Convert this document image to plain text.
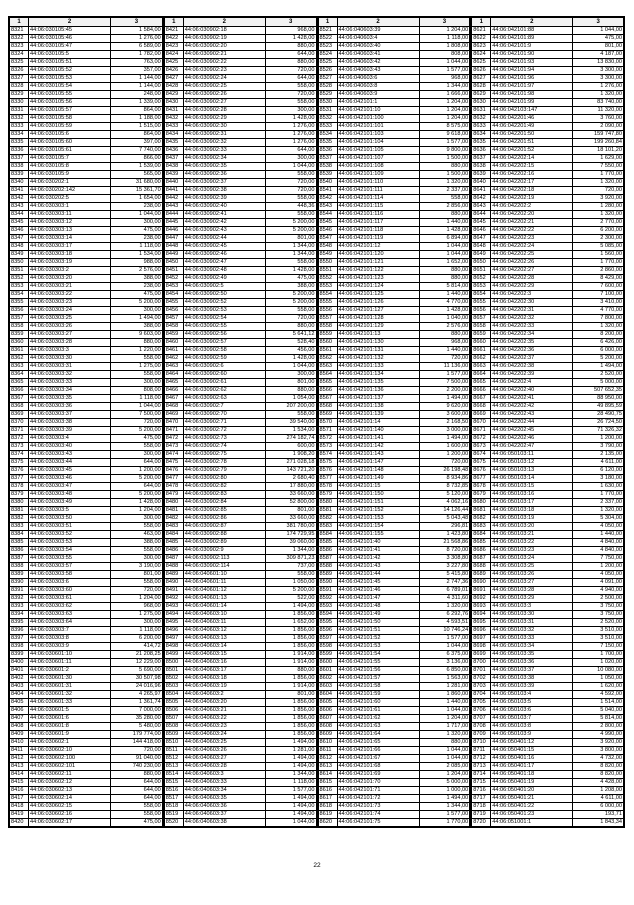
1	2	3
8321	44:06:030105:45	1 584,00
8322	44:06:030105:46	1 276,00
8323	44:06:030105:47	6 589,00
8324	44:06:030105:5	1 782,00
8325	44:06:030105:51	763,00
8326	44:06:030105:52	357,00
8327	44:06:030105:53	1 144,00
8328	44:06:030105:54	1 144,00
8329	44:06:030105:55	248,00
8330	44:06:030105:56	1 339,00
8331	44:06:030105:57	864,00
8332	44:06:030105:58	1 188,00
8333	44:06:030105:59	1 515,00
8334	44:06:030105:6	864,00
8335	44:06:030105:60	397,00
8336	44:06:030105:61	7 740,00
8337	44:06:030105:7	866,00
8338	44:06:030105:8	1 539,00
8339	44:06:030105:9	565,00
8340	44:06:030202:1	31 680,00
8341	44:06:030202:142	15 361,70
8342	44:06:030202:5	1 654,00
8343	44:06:030303:1	238,00
8344	44:06:030303:11	1 044,00
8345	44:06:030303:12	300,00
8346	44:06:030303:13	475,00
8347	44:06:030303:14	238,00
8348	44:06:030303:17	1 118,00
8349	44:06:030303:18	1 534,00
8350	44:06:030303:19	988,00
8351	44:06:030303:2	2 576,00
8352	44:06:030303:20	388,00
8353	44:06:030303:21	238,00
8354	44:06:030303:22	475,00
8355	44:06:030303:23	5 200,00
8356	44:06:030303:24	300,00
8357	44:06:030303:25	1 494,00
8358	44:06:030303:26	388,00
8359	44:06:030303:27	9 603,00
8360	44:06:030303:28	880,00
8361	44:06:030303:3	1 220,00
8362	44:06:030303:30	558,00
8363	44:06:030303:31	1 275,00
8364	44:06:030303:32	558,00
8365	44:06:030303:33	300,00
8366	44:06:030303:34	808,00
8367	44:06:030303:35	1 118,00
8368	44:06:030303:36	1 044,00
8369	44:06:030303:37	7 500,00
8370	44:06:030303:38	720,00
8371	44:06:030303:39	5 200,00
8372	44:06:030303:4	475,00
8373	44:06:030303:40	558,00
8374	44:06:030303:43	300,00
8375	44:06:030303:44	644,00
8376	44:06:030303:45	1 200,00
8377	44:06:030303:46	5 200,00
8378	44:06:030303:47	644,00
8379	44:06:030303:48	5 200,00
8380	44:06:030303:49	1 428,00
8381	44:06:030303:5	1 204,00
8382	44:06:030303:50	300,00
8383	44:06:030303:51	558,00
8384	44:06:030303:52	463,00
8385	44:06:030303:53	388,00
8386	44:06:030303:54	558,00
8387	44:06:030303:55	300,00
8388	44:06:030303:57	3 190,00
8389	44:06:030303:58	801,00
8390	44:06:030303:6	558,00
8391	44:06:030303:60	720,00
8392	44:06:030303:61	1 204,00
8393	44:06:030303:62	968,00
8394	44:06:030303:63	1 275,00
8395	44:06:030303:64	300,00
8396	44:06:030303:7	1 118,00
8397	44:06:030303:8	6 200,00
8398	44:06:030303:9	414,72
8399	44:06:030601:10	21 208,25
8400	44:06:030601:11	12 229,00
8401	44:06:030601:2	5 690,00
8402	44:06:030601:30	30 507,98
8403	44:06:030601:31	24 016,96
8404	44:06:030601:32	4 265,97
8405	44:06:030601:33	1 361,74
8406	44:06:030601:5	7 000,00
8407	44:06:030601:6	35 280,00
8408	44:06:030601:8	5 480,00
8409	44:06:030601:9	179 774,00
8410	44:06:030602:1	144 418,00
8411	44:06:030602:10	720,00
8412	44:06:030602:100	91 040,00
8413	44:06:030602:101	740 230,00
8414	44:06:030602:11	880,00
8415	44:06:030602:12	644,00
8416	44:06:030602:13	644,00
8417	44:06:030602:14	644,00
8418	44:06:030602:15	558,00
8419	44:06:030602:16	558,00
8420	44:06:030602:17	475,00
1	2	3
8421	44:06:030902:18	968,00
8422	44:06:030902:19	1 428,00
8423	44:06:030902:20	880,00
8424	44:06:030902:21	644,00
8425	44:06:030902:22	880,00
8426	44:06:030902:23	720,00
8427	44:06:030902:24	644,00
8428	44:06:030902:25	558,00
8429	44:06:030902:26	720,00
8430	44:06:030902:27	558,00
8431	44:06:030902:28	300,00
8432	44:06:030902:29	1 428,00
8433	44:06:030902:30	1 276,00
8434	44:06:030902:31	1 276,00
8435	44:06:030902:32	1 276,00
8436	44:06:030902:33	644,00
8437	44:06:030902:34	300,00
8438	44:06:030902:35	1 044,00
8439	44:06:030902:36	558,00
8440	44:06:030902:37	720,00
8441	44:06:030902:38	720,00
8442	44:06:030902:39	558,00
8443	44:06:030902:40	448,36
8444	44:06:030902:41	558,00
8445	44:06:030902:42	5 200,00
8446	44:06:030902:43	5 200,00
8447	44:06:030902:44	801,00
8448	44:06:030902:45	1 344,00
8449	44:06:030902:46	1 344,00
8450	44:06:030902:47	558,00
8451	44:06:030902:48	1 428,00
8452	44:06:030902:49	475,00
8453	44:06:030902:5	388,00
8454	44:06:030902:50	5 200,00
8455	44:06:030902:52	5 200,00
8456	44:06:030902:53	558,00
8457	44:06:030902:54	720,00
8458	44:06:030902:55	880,00
8459	44:06:030902:56	5 641,12
8460	44:06:030902:57	528,40
8461	44:06:030902:58	456,00
8462	44:06:030902:59	1 428,00
8463	44:06:030902:6	1 044,00
8464	44:06:030902:60	300,00
8465	44:06:030902:61	801,00
8466	44:06:030902:62	880,00
8467	44:06:030902:63	1 054,00
8468	44:06:030902:7	207 200,00
8469	44:06:030902:70	558,00
8470	44:06:030902:71	39 540,00
8471	44:06:030902:72	1 534,00
8472	44:06:030902:73	274 182,74
8473	44:06:030902:74	600,00
8474	44:06:030902:75	1 908,20
8475	44:06:030902:78	271 028,18
8476	44:06:030902:79	143 721,20
8477	44:06:030902:80	2 680,40
8478	44:06:030902:82	17 880,00
8479	44:06:030902:83	33 660,00
8480	44:06:030902:84	52 800,00
8481	44:06:030902:85	801,00
8482	44:06:030902:86	33 660,00
8483	44:06:030902:87	381 780,00
8484	44:06:030902:88	174 729,95
8485	44:06:030902:89	39 060,00
8486	44:06:030902:9	1 344,00
8487	44:06:030902:113	309 871,23
8488	44:06:030902:114	737,00
8489	44:06:040601:10	558,00
8490	44:06:040601:11	1 050,00
8491	44:06:040601:12	5 200,00
8492	44:06:040601:13	522,00
8493	44:06:040601:14	1 494,00
8494	44:06:040603:10	1 856,00
8495	44:06:040603:11	1 652,00
8496	44:06:040603:12	1 856,00
8497	44:06:040603:13	1 856,00
8498	44:06:040603:14	1 856,00
8499	44:06:040603:15	1 914,00
8500	44:06:040603:16	1 914,00
8501	44:06:040603:17	880,00
8502	44:06:040603:18	1 856,00
8503	44:06:040603:19	1 914,00
8504	44:06:040603:2	801,00
8505	44:06:040603:20	1 856,00
8506	44:06:040603:21	1 856,00
8507	44:06:040603:22	1 856,00
8508	44:06:040603:23	1 856,00
8509	44:06:040603:24	1 856,00
8510	44:06:040603:25	1 494,00
8511	44:06:040603:26	1 281,00
8512	44:06:040603:27	1 494,00
8513	44:06:040603:28	1 494,00
8514	44:06:040603:3	1 344,00
8515	44:06:040603:33	1 118,00
8516	44:06:040603:34	1 577,00
8517	44:06:040603:35	1 494,00
8518	44:06:040603:36	1 494,00
8519	44:06:040603:37	1 494,00
8520	44:06:040603:38	1 044,00
1	2	3
8521	44:06:040603:39	1 204,00
8522	44:06:040603:4	1 118,00
8523	44:06:040603:40	1 808,00
8524	44:06:040603:41	808,00
8525	44:06:040603:42	1 044,00
8526	44:06:040603:43	1 577,00
8527	44:06:040603:6	968,00
8528	44:06:040603:8	1 344,00
8529	44:06:040603:9	1 666,00
8530	44:06:042101:1	1 204,00
8531	44:06:042101:10	1 204,00
8532	44:06:042101:100	1 204,00
8533	44:06:042101:101	8 575,00
8534	44:06:042101:103	9 618,00
8535	44:06:042101:104	1 577,00
8536	44:06:042101:105	9 800,00
8537	44:06:042101:107	1 500,00
8538	44:06:042101:108	880,00
8539	44:06:042101:109	1 500,00
8540	44:06:042101:110	1 320,00
8541	44:06:042101:111	2 337,00
8542	44:06:042101:114	558,00
8543	44:06:042101:115	2 856,00
8544	44:06:042101:116	880,00
8545	44:06:042101:117	1 440,00
8546	44:06:042101:118	1 428,00
8547	44:06:042101:119	6 894,00
8548	44:06:042101:12	1 044,00
8549	44:06:042101:120	1 044,00
8550	44:06:042101:121	1 652,00
8551	44:06:042101:122	880,00
8552	44:06:042101:123	880,00
8553	44:06:042101:124	5 814,00
8554	44:06:042101:125	1 440,00
8555	44:06:042101:126	4 770,00
8556	44:06:042101:127	1 428,00
8557	44:06:042101:128	1 040,00
8558	44:06:042101:129	2 576,00
8559	44:06:042101:13	880,00
8560	44:06:042101:130	968,00
8561	44:06:042101:131	1 440,00
8562	44:06:042101:132	720,00
8563	44:06:042101:133	11 136,00
8564	44:06:042101:134	1 577,00
8565	44:06:042101:135	7 500,00
8566	44:06:042101:136	2 200,00
8567	44:06:042101:137	1 494,00
8568	44:06:042101:138	9 620,00
8569	44:06:042101:139	3 600,00
8570	44:06:042101:14	2 168,50
8571	44:06:042101:140	3 000,00
8572	44:06:042101:141	1 494,00
8573	44:06:042101:142	1 600,00
8574	44:06:042101:143	1 200,00
8575	44:06:042101:147	720,00
8576	44:06:042101:148	26 198,48
8577	44:06:042101:149	8 934,86
8578	44:06:042101:15	8 732,85
8579	44:06:042101:150	5 120,00
8580	44:06:042101:151	4 062,16
8581	44:06:042101:152	14 126,44
8582	44:06:042101:153	5 043,48
8583	44:06:042101:154	296,81
8584	44:06:042101:155	1 423,80
8585	44:06:042101:40	21 568,86
8586	44:06:042101:41	8 720,00
8587	44:06:042101:42	3 308,80
8588	44:06:042101:43	3 227,80
8589	44:06:042101:44	5 415,80
8590	44:06:042101:45	2 747,36
8591	44:06:042101:46	6 789,01
8592	44:06:042101:47	4 311,60
8593	44:06:042101:48	1 320,00
8594	44:06:042101:49	6 292,76
8595	44:06:042101:50	4 593,51
8596	44:06:042101:51	10 746,24
8597	44:06:042101:52	1 577,00
8598	44:06:042101:53	1 044,00
8599	44:06:042101:54	6 375,00
8600	44:06:042101:55	3 136,00
8601	44:06:042101:56	6 850,00
8602	44:06:042101:57	1 563,00
8603	44:06:042101:58	1 281,00
8604	44:06:042101:59	1 860,00
8605	44:06:042101:60	1 440,00
8606	44:06:042101:61	1 044,00
8607	44:06:042101:62	1 204,00
8608	44:06:042101:63	1 717,00
8609	44:06:042101:64	1 320,00
8610	44:06:042101:65	880,00
8611	44:06:042101:66	1 044,00
8612	44:06:042101:67	1 044,00
8613	44:06:042101:68	2 085,00
8614	44:06:042101:69	1 204,00
8615	44:06:042101:70	5 000,00
8616	44:06:042101:71	1 000,00
8617	44:06:042101:72	1 494,00
8618	44:06:042101:73	1 344,00
8619	44:06:042101:74	1 577,00
8620	44:06:042101:75	1 770,00
1	2	3
8621	44:06:042101:88	1 044,00
8622	44:06:042101:89	475,00
8623	44:06:042101:9	801,00
8624	44:06:042101:90	4 187,00
8625	44:06:042101:93	13 830,00
8626	44:06:042101:94	3 300,00
8627	44:06:042101:96	3 300,00
8628	44:06:042101:97	1 276,00
8629	44:06:042101:98	1 320,00
8630	44:06:042101:99	83 740,00
8631	44:06:042103:147	11 320,00
8632	44:06:042201:46	3 760,00
8633	44:06:042201:49	2 090,00
8634	44:06:042201:50	159 747,80
8635	44:06:042201:51	199 260,84
8636	44:06:042201:52	18 101,20
8637	44:06:042202:14	1 629,00
8638	44:06:042202:15	7 550,00
8639	44:06:042202:16	1 770,00
8640	44:06:042202:17	1 320,00
8641	44:06:042202:18	720,00
8642	44:06:042202:19	3 920,00
8643	44:06:042202:2	1 280,00
8644	44:06:042202:20	1 320,00
8645	44:06:042202:21	2 770,00
8646	44:06:042202:22	6 200,00
8647	44:06:042202:23	2 300,00
8648	44:06:042202:24	5 085,00
8649	44:06:042202:25	1 560,00
8650	44:06:042202:26	1 770,00
8651	44:06:042202:27	2 860,00
8652	44:06:042202:28	8 429,00
8653	44:06:042202:29	7 600,00
8654	44:06:042202:3	7 100,00
8655	44:06:042202:30	3 410,00
8656	44:06:042202:31	4 770,00
8657	44:06:042202:32	7 800,00
8658	44:06:042202:33	1 320,00
8659	44:06:042202:34	8 200,00
8660	44:06:042202:35	6 426,00
8661	44:06:042202:36	6 000,00
8662	44:06:042202:37	5 200,00
8663	44:06:042202:38	1 494,00
8664	44:06:042202:39	2 520,00
8665	44:06:042202:4	5 000,00
8666	44:06:042202:40	507 652,35
8667	44:06:042202:41	88 950,00
8668	44:06:042202:42	49 895,59
8669	44:06:042202:43	28 490,75
8670	44:06:042202:44	26 724,50
8671	44:06:042202:45	71 326,32
8672	44:06:042202:46	1 200,00
8673	44:06:042202:47	3 790,00
8674	44:06:050103:11	2 135,00
8675	44:06:050103:12	4 611,00
8676	44:06:050103:13	6 120,00
8677	44:06:050103:14	3 180,00
8678	44:06:050103:15	1 630,00
8679	44:06:050103:16	1 770,00
8680	44:06:050103:17	2 337,00
8681	44:06:050103:18	1 320,00
8682	44:06:050103:19	5 304,00
8683	44:06:050103:20	4 050,00
8684	44:06:050103:21	1 440,00
8685	44:06:050103:22	4 840,00
8686	44:06:050103:23	4 840,00
8687	44:06:050103:24	7 750,00
8688	44:06:050103:25	1 200,00
8689	44:06:050103:26	4 050,00
8690	44:06:050103:27	4 091,00
8691	44:06:050103:28	4 940,00
8692	44:06:050103:29	2 500,00
8693	44:06:050103:3	3 750,00
8694	44:06:050103:30	3 750,00
8695	44:06:050103:31	2 520,00
8696	44:06:050103:32	3 510,00
8697	44:06:050103:33	3 510,00
8698	44:06:050103:34	7 150,00
8699	44:06:050103:35	1 700,00
8700	44:06:050103:36	1 020,00
8701	44:06:050103:37	10 080,00
8702	44:06:050103:38	1 050,00
8703	44:06:050103:39	1 620,00
8704	44:06:050103:4	4 592,00
8705	44:06:050103:5	1 514,00
8706	44:06:050103:6	5 040,00
8707	44:06:050103:7	5 814,00
8708	44:06:050103:8	2 800,00
8709	44:06:050103:9	4 990,00
8710	44:06:050401:12	3 920,00
8711	44:06:050401:15	3 800,00
8712	44:06:050401:16	4 732,00
8713	44:06:050401:17	8 820,00
8714	44:06:050401:18	8 820,00
8715	44:06:050401:19	4 428,00
8716	44:06:050401:20	1 208,00
8717	44:06:050401:21	4 611,00
8718	44:06:050401:22	6 000,00
8719	44:06:050401:23	193,71
8720	44:06:051001:1	1 843,34
22
